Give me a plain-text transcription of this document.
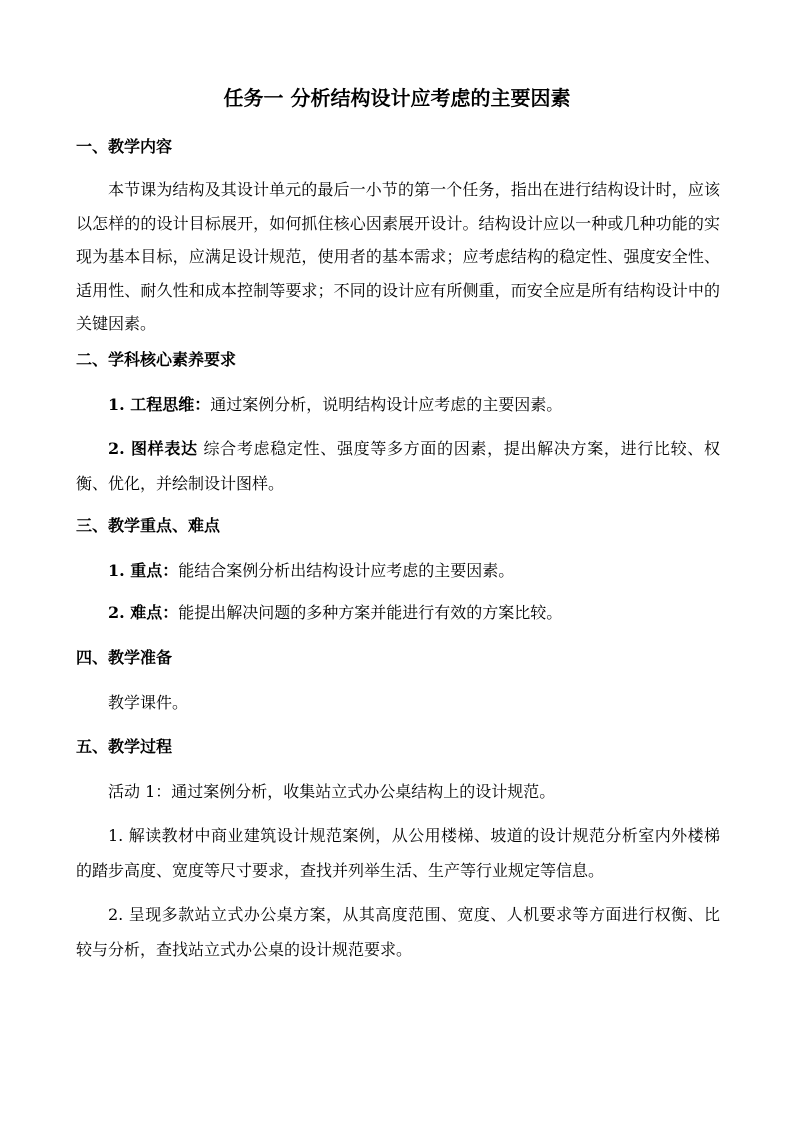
任务一 分析结构设计应考虑的主要因素
一、教学内容

本节课为结构及其设计单元的最后一小节的第一个任务，指出在进行结构设计时，应该以怎样的的设计目标展开，如何抓住核心因素展开设计。结构设计应以一种或几种功能的实现为基本目标，应满足设计规范，使用者的基本需求；应考虑结构的稳定性、强度安全性、适用性、耐久性和成本控制等要求；不同的设计应有所侧重，而安全应是所有结构设计中的关键因素。

二、学科核心素养要求
1. 工程思维：通过案例分析，说明结构设计应考虑的主要因素。

2. 图样表达 综合考虑稳定性、强度等多方面的因素，提出解决方案，进行比较、权衡、优化，并绘制设计图样。

三、教学重点、难点
1. 重点：能结合案例分析出结构设计应考虑的主要因素。
2. 难点：能提出解决问题的多种方案并能进行有效的方案比较。
四、教学准备
教学课件。
五、教学过程
活动 1：通过案例分析，收集站立式办公桌结构上的设计规范。

1. 解读教材中商业建筑设计规范案例，从公用楼梯、坡道的设计规范分析室内外楼梯的踏步高度、宽度等尺寸要求，查找并列举生活、生产等行业规定等信息。

2. 呈现多款站立式办公桌方案，从其高度范围、宽度、人机要求等方面进行权衡、比较与分析，查找站立式办公桌的设计规范要求。
